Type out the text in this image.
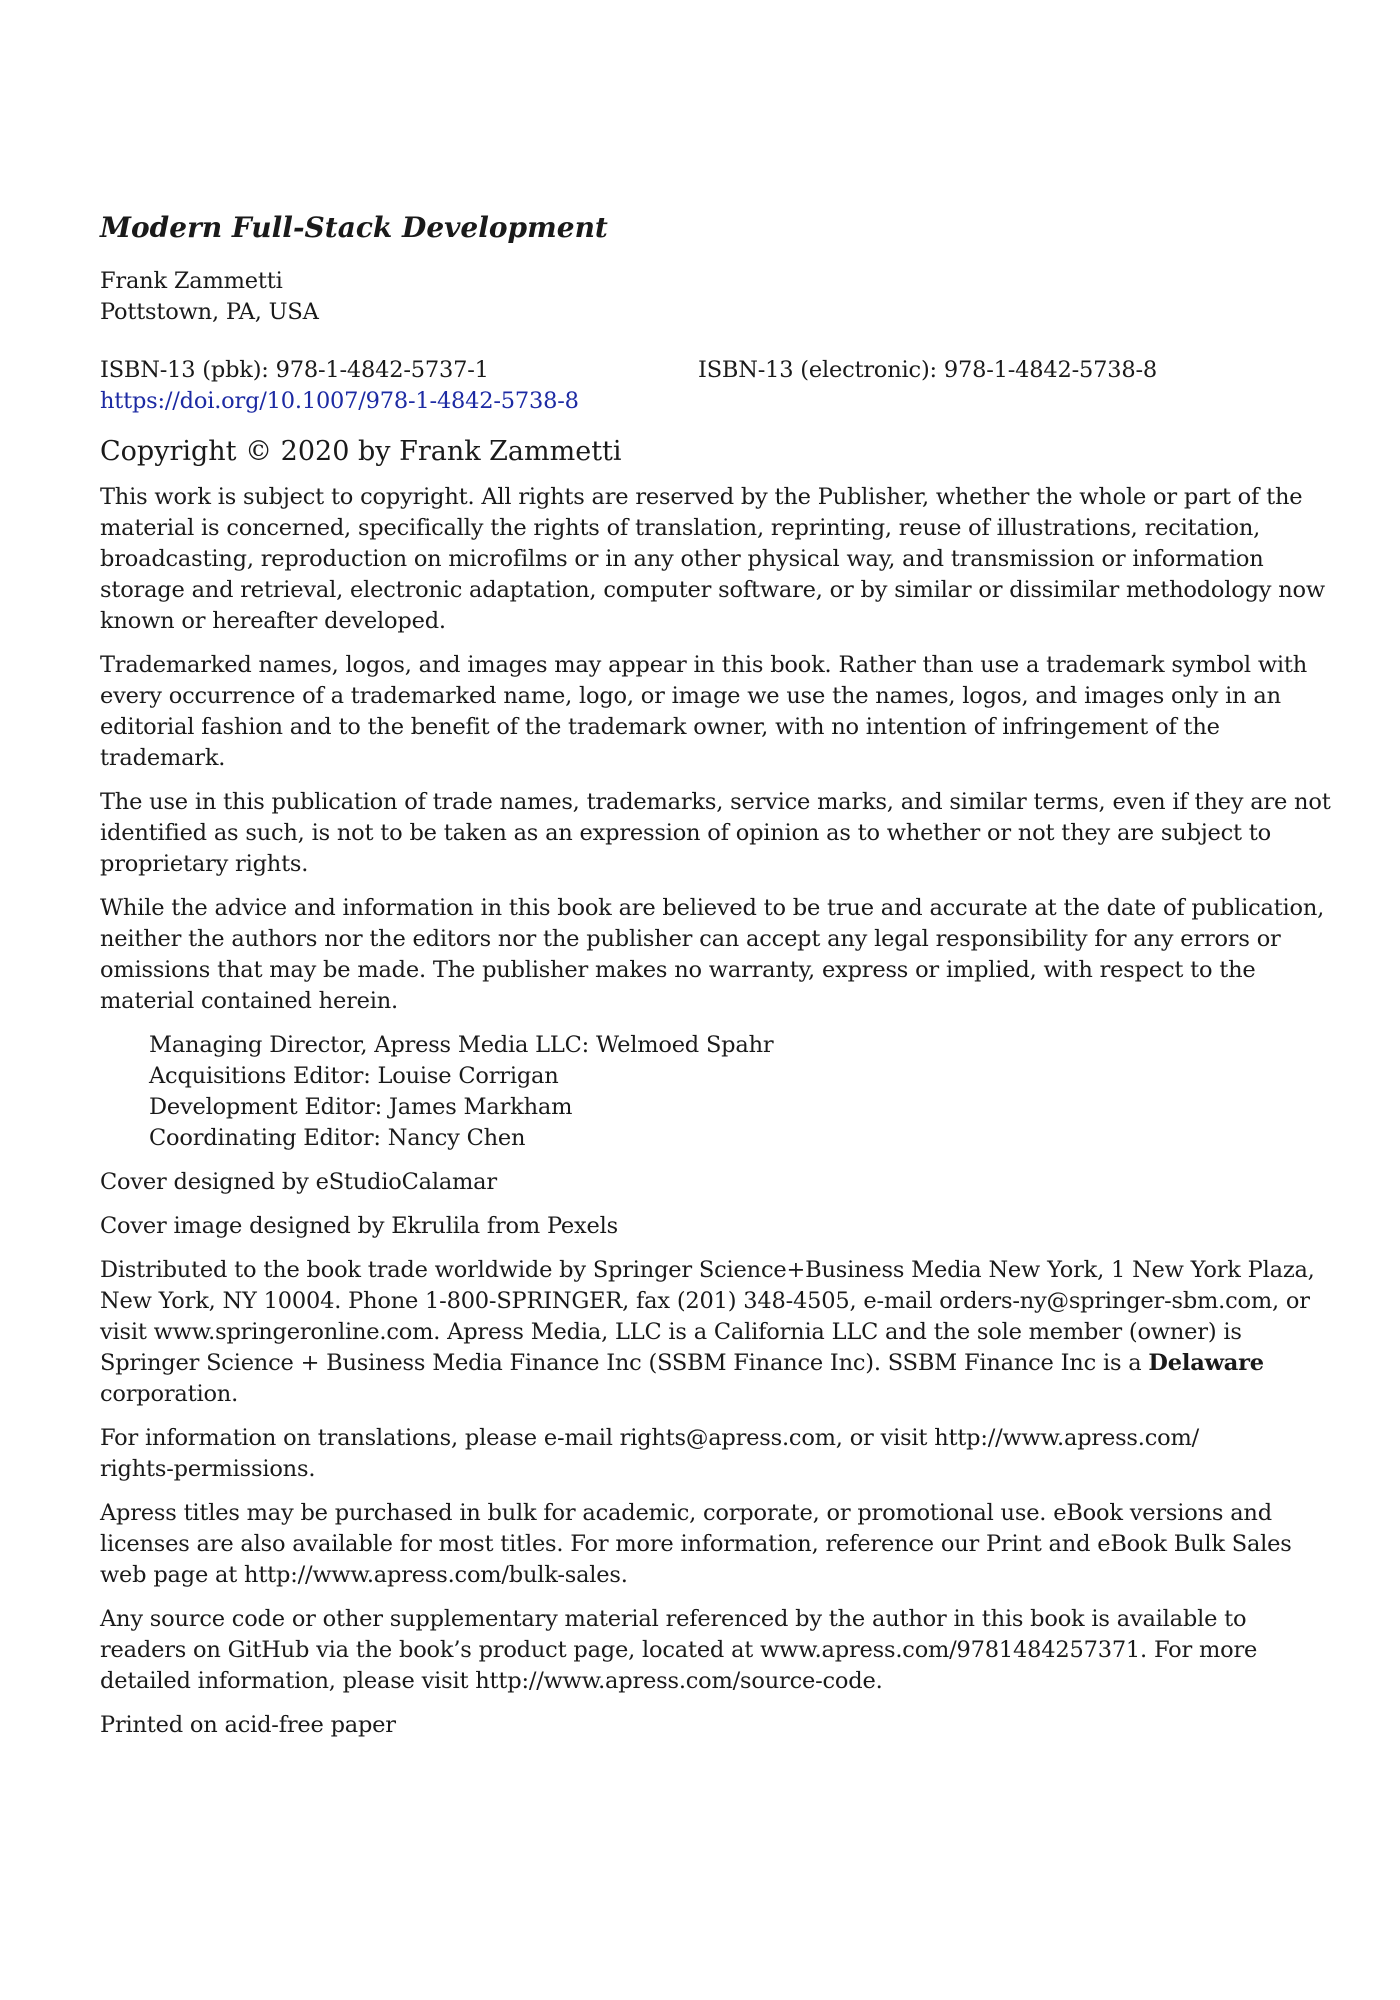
Modern Full-Stack Development
Frank Zammetti
Pottstown, PA, USA
ISBN-13 (pbk): 978-1-4842-5737-1	ISBN-13 (electronic): 978-1-4842-5738-8
https://doi.org/10.1007/978-1-4842-5738-8
Copyright © 2020 by Frank Zammetti
This work is subject to copyright. All rights are reserved by the Publisher, whether the whole or part of the
material is concerned, specifically the rights of translation, reprinting, reuse of illustrations, recitation,
broadcasting, reproduction on microfilms or in any other physical way, and transmission or information
storage and retrieval, electronic adaptation, computer software, or by similar or dissimilar methodology now
known or hereafter developed.
Trademarked names, logos, and images may appear in this book. Rather than use a trademark symbol with
every occurrence of a trademarked name, logo, or image we use the names, logos, and images only in an
editorial fashion and to the benefit of the trademark owner, with no intention of infringement of the
trademark.
The use in this publication of trade names, trademarks, service marks, and similar terms, even if they are not
identified as such, is not to be taken as an expression of opinion as to whether or not they are subject to
proprietary rights.
While the advice and information in this book are believed to be true and accurate at the date of publication,
neither the authors nor the editors nor the publisher can accept any legal responsibility for any errors or
omissions that may be made. The publisher makes no warranty, express or implied, with respect to the
material contained herein.
Managing Director, Apress Media LLC: Welmoed Spahr
Acquisitions Editor: Louise Corrigan
Development Editor: James Markham
Coordinating Editor: Nancy Chen
Cover designed by eStudioCalamar
Cover image designed by Ekrulila from Pexels
Distributed to the book trade worldwide by Springer Science+Business Media New York, 1 New York Plaza,
New York, NY 10004. Phone 1-800-SPRINGER, fax (201) 348-4505, e-mail orders-ny@springer-sbm.com, or
visit www.springeronline.com. Apress Media, LLC is a California LLC and the sole member (owner) is
Springer Science + Business Media Finance Inc (SSBM Finance Inc). SSBM Finance Inc is a Delaware
corporation.
For information on translations, please e-mail rights@apress.com, or visit http://www.apress.com/
rights-permissions.
Apress titles may be purchased in bulk for academic, corporate, or promotional use. eBook versions and
licenses are also available for most titles. For more information, reference our Print and eBook Bulk Sales
web page at http://www.apress.com/bulk-sales.
Any source code or other supplementary material referenced by the author in this book is available to
readers on GitHub via the book’s product page, located at www.apress.com/9781484257371. For more
detailed information, please visit http://www.apress.com/source-code.
Printed on acid-free paper
